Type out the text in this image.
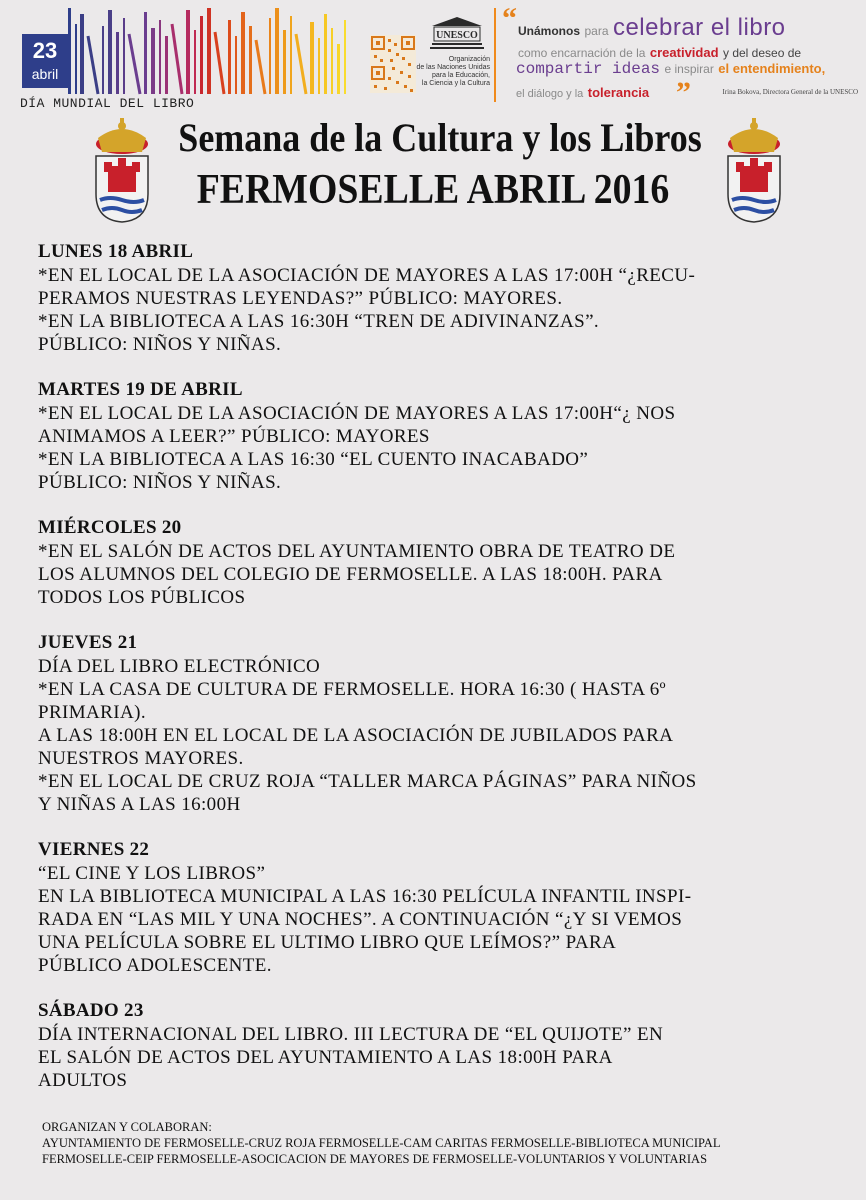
23
abril
DÍA MUNDIAL DEL LIBRO
UNESCO
Organización
de las Naciones Unidas
para la Educación,
la Ciencia y la Cultura
“ Unámonos para celebrar el libro
como encarnación de la creatividad y del deseo de
compartir ideas e inspirar el entendimiento,
el diálogo y la tolerancia ”	Irina Bokova, Directora General de la UNESCO
Semana de la Cultura y los Libros
FERMOSELLE ABRIL 2016
LUNES 18 ABRIL
*EN EL LOCAL DE LA ASOCIACIÓN DE MAYORES A LAS 17:00H “¿RECU-
PERAMOS NUESTRAS LEYENDAS?” PÚBLICO: MAYORES.
*EN LA BIBLIOTECA A LAS 16:30H “TREN DE ADIVINANZAS”.
PÚBLICO: NIÑOS Y NIÑAS.
MARTES 19 DE ABRIL
*EN EL LOCAL DE LA ASOCIACIÓN DE MAYORES A LAS 17:00H“¿ NOS
ANIMAMOS A LEER?” PÚBLICO: MAYORES
*EN LA BIBLIOTECA A LAS 16:30 “EL CUENTO INACABADO”
PÚBLICO: NIÑOS Y NIÑAS.
MIÉRCOLES 20
*EN EL SALÓN DE ACTOS DEL AYUNTAMIENTO OBRA DE TEATRO DE
LOS ALUMNOS DEL COLEGIO DE FERMOSELLE. A LAS 18:00H. PARA
TODOS LOS PÚBLICOS
JUEVES 21
DÍA DEL LIBRO ELECTRÓNICO
*EN LA CASA DE CULTURA DE FERMOSELLE. HORA 16:30 ( HASTA 6º
PRIMARIA).
A LAS 18:00H EN EL LOCAL DE LA ASOCIACIÓN DE JUBILADOS PARA
NUESTROS MAYORES.
*EN EL LOCAL DE CRUZ ROJA “TALLER MARCA PÁGINAS” PARA NIÑOS
Y NIÑAS A LAS 16:00H
VIERNES 22
“EL CINE Y LOS LIBROS”
EN LA BIBLIOTECA MUNICIPAL A LAS 16:30 PELÍCULA INFANTIL INSPI-
RADA EN “LAS MIL Y UNA NOCHES”. A CONTINUACIÓN “¿Y SI VEMOS
UNA PELÍCULA SOBRE EL ULTIMO LIBRO QUE LEÍMOS?” PARA
PÚBLICO ADOLESCENTE.
SÁBADO 23
DÍA INTERNACIONAL DEL LIBRO. III LECTURA DE “EL QUIJOTE” EN
EL SALÓN DE ACTOS DEL AYUNTAMIENTO A LAS 18:00H PARA
ADULTOS
ORGANIZAN Y COLABORAN:
AYUNTAMIENTO DE FERMOSELLE-CRUZ ROJA FERMOSELLE-CAM CARITAS FERMOSELLE-BIBLIOTECA MUNICIPAL
FERMOSELLE-CEIP FERMOSELLE-ASOCICACION DE MAYORES DE FERMOSELLE-VOLUNTARIOS Y VOLUNTARIAS
